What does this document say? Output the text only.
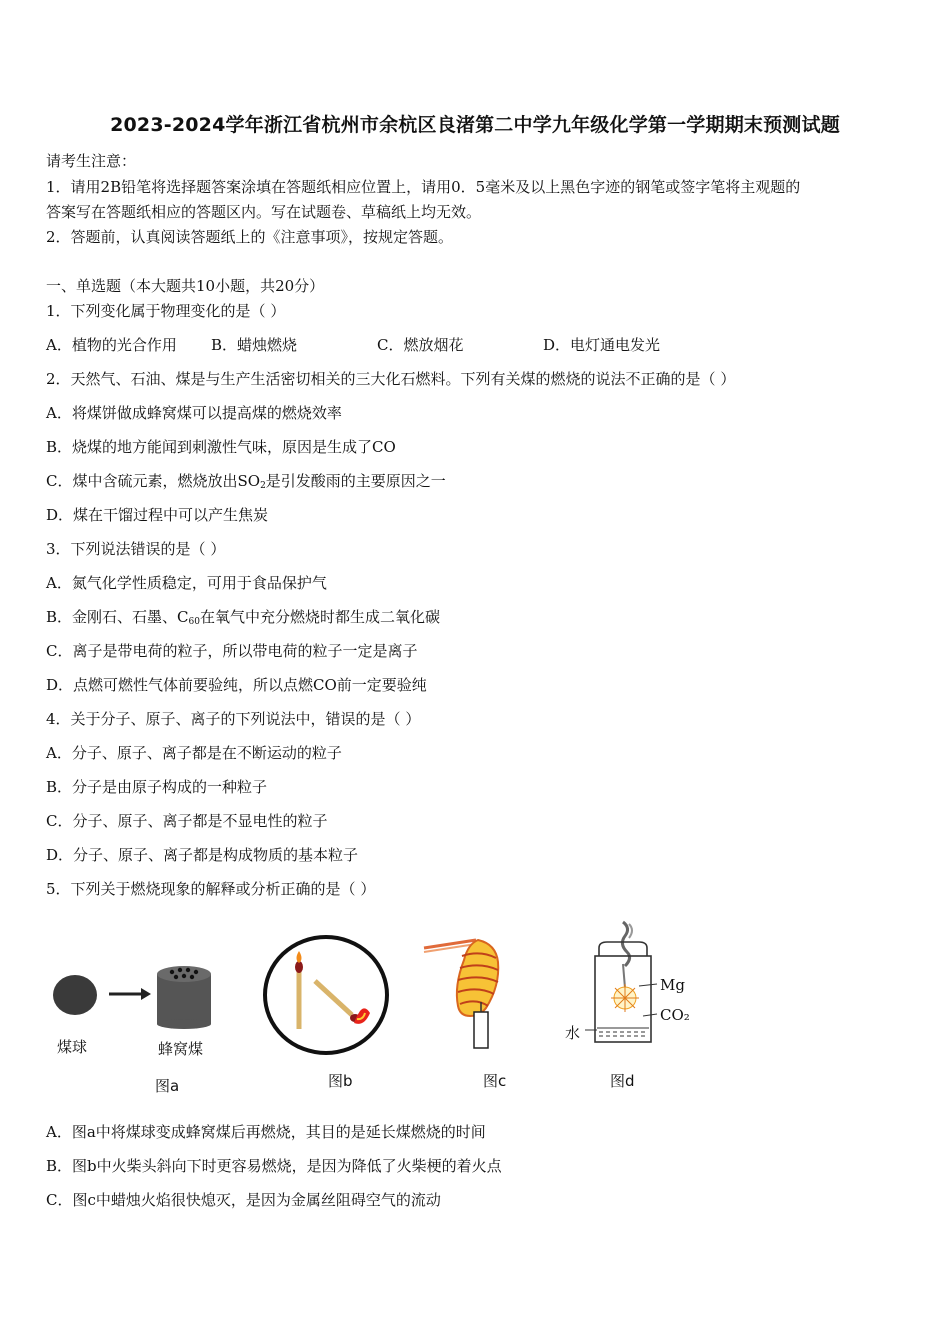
2023-2024学年浙江省杭州市余杭区良渚第二中学九年级化学第一学期期末预测试题
请考生注意：
1．请用2B铅笔将选择题答案涂填在答题纸相应位置上，请用0．5毫米及以上黑色字迹的钢笔或签字笔将主观题的
答案写在答题纸相应的答题区内。写在试题卷、草稿纸上均无效。
2．答题前，认真阅读答题纸上的《注意事项》，按规定答题。
一、单选题（本大题共10小题，共20分）
1．下列变化属于物理变化的是（ ）
A．植物的光合作用 B．蜡烛燃烧	C．燃放烟花	D．电灯通电发光
2．天然气、石油、煤是与生产生活密切相关的三大化石燃料。下列有关煤的燃烧的说法不正确的是（ ）
A．将煤饼做成蜂窝煤可以提高煤的燃烧效率
B．烧煤的地方能闻到刺激性气味，原因是生成了CO
C．煤中含硫元素，燃烧放出$SO_2$是引发酸雨的主要原因之一
D．煤在干馏过程中可以产生焦炭
3．下列说法错误的是（ ）
A．氮气化学性质稳定，可用于食品保护气
B．金刚石、石墨、$C_{60}$在氧气中充分燃烧时都生成二氧化碳
C．离子是带电荷的粒子，所以带电荷的粒子一定是离子
D．点燃可燃性气体前要验纯，所以点燃CO前一定要验纯
4．关于分子、原子、离子的下列说法中，错误的是（ ）
A．分子、原子、离子都是在不断运动的粒子
B．分子是由原子构成的一种粒子
C．分子、原子、离子都是不显电性的粒子
D．分子、原子、离子都是构成物质的基本粒子
5．下列关于燃烧现象的解释或分析正确的是（ ）
煤球	蜂窝煤
图a	图b	图c
Mg
CO₂
水
图d
A．图a中将煤球变成蜂窝煤后再燃烧，其目的是延长煤燃烧的时间
B．图b中火柴头斜向下时更容易燃烧，是因为降低了火柴梗的着火点
C．图c中蜡烛火焰很快熄灭，是因为金属丝阻碍空气的流动
